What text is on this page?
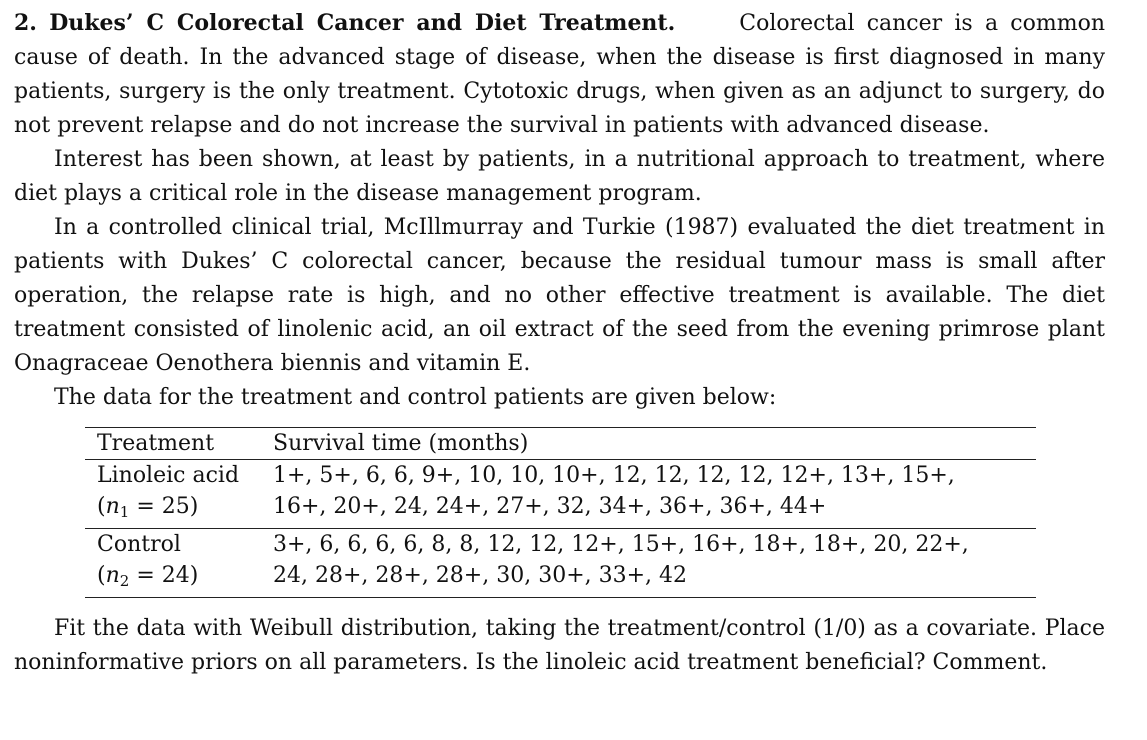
2. Dukes’ C Colorectal Cancer and Diet Treatment.	Colorectal cancer is a common cause of death. In the advanced stage of disease, when the disease is first diagnosed in many patients, surgery is the only treatment. Cytotoxic drugs, when given as an adjunct to surgery, do not prevent relapse and do not increase the survival in patients with advanced disease.

Interest has been shown, at least by patients, in a nutritional approach to treatment, where diet plays a critical role in the disease management program.

In a controlled clinical trial, McIllmurray and Turkie (1987) evaluated the diet treatment in patients with Dukes’ C colorectal cancer, because the residual tumour mass is small after operation, the relapse rate is high, and no other effective treatment is available. The diet treatment consisted of linolenic acid, an oil extract of the seed from the evening primrose plant Onagraceae Oenothera biennis and vitamin E.

The data for the treatment and control patients are given below:

Treatment	Survival time (months)
Linoleic acid	1+, 5+, 6, 6, 9+, 10, 10, 10+, 12, 12, 12, 12, 12+, 13+, 15+,
$(n_1 = 25)$	16+, 20+, 24, 24+, 27+, 32, 34+, 36+, 36+, 44+
Control	3+, 6, 6, 6, 6, 8, 8, 12, 12, 12+, 15+, 16+, 18+, 18+, 20, 22+,
$(n_2 = 24)$	24, 28+, 28+, 28+, 30, 30+, 33+, 42

Fit the data with Weibull distribution, taking the treatment/control (1/0) as a covariate. Place noninformative priors on all parameters. Is the linoleic acid treatment beneficial? Comment.
